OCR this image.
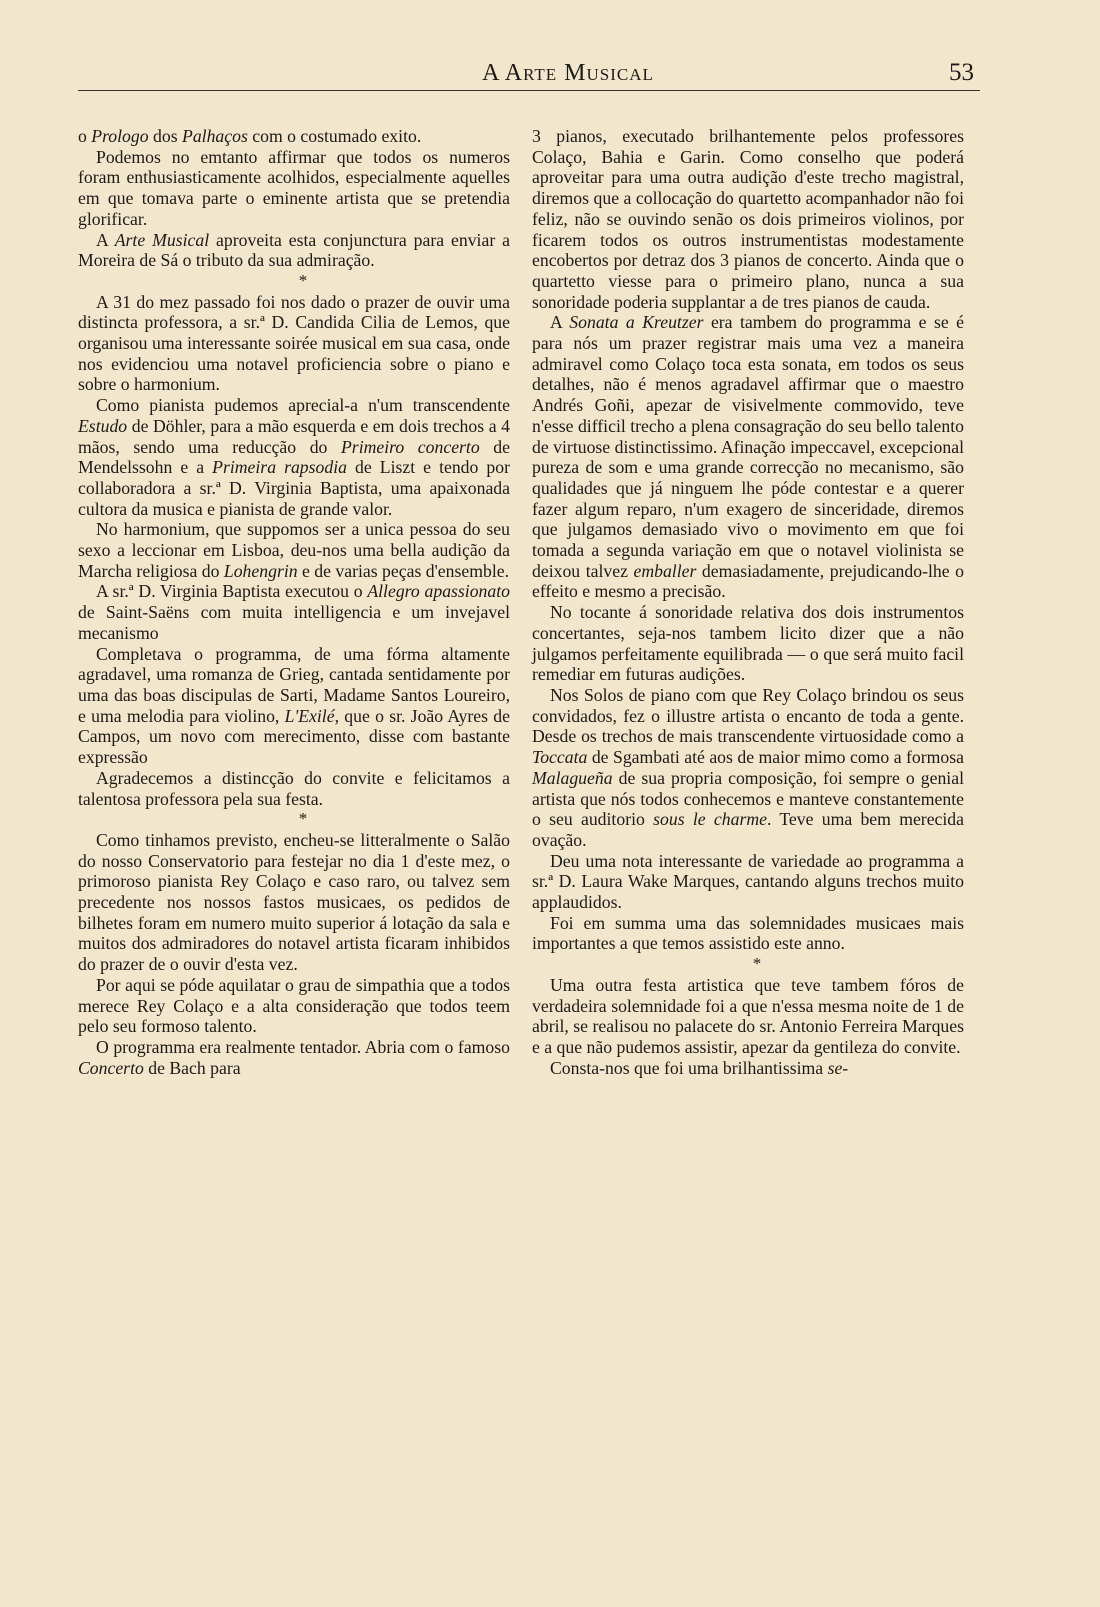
A Arte Musical	53

o Prologo dos Palhaços com o costumado exito.

Podemos no emtanto affirmar que todos os numeros foram enthusiasticamente acolhidos, especialmente aquelles em que tomava parte o eminente artista que se pretendia glorificar.

A Arte Musical aproveita esta conjunctura para enviar a Moreira de Sá o tributo da sua admiração.

*

A 31 do mez passado foi nos dado o prazer de ouvir uma distincta professora, a sr.ª D. Candida Cilia de Lemos, que organisou uma interessante soirée musical em sua casa, onde nos evidenciou uma notavel proficiencia sobre o piano e sobre o harmonium.

Como pianista pudemos aprecial-a n'um transcendente Estudo de Döhler, para a mão esquerda e em dois trechos a 4 mãos, sendo uma reducção do Primeiro concerto de Mendelssohn e a Primeira rapsodia de Liszt e tendo por collaboradora a sr.ª D. Virginia Baptista, uma apaixonada cultora da musica e pianista de grande valor.

No harmonium, que suppomos ser a unica pessoa do seu sexo a leccionar em Lisboa, deu-nos uma bella audição da Marcha religiosa do Lohengrin e de varias peças d'ensemble.

A sr.ª D. Virginia Baptista executou o Allegro apassionato de Saint-Saëns com muita intelligencia e um invejavel mecanismo

Completava o programma, de uma fórma altamente agradavel, uma romanza de Grieg, cantada sentidamente por uma das boas discipulas de Sarti, Madame Santos Loureiro, e uma melodia para violino, L'Exilé, que o sr. João Ayres de Campos, um novo com merecimento, disse com bastante expressão

Agradecemos a distincção do convite e felicitamos a talentosa professora pela sua festa.

*

Como tinhamos previsto, encheu-se litteralmente o Salão do nosso Conservatorio para festejar no dia 1 d'este mez, o primoroso pianista Rey Colaço e caso raro, ou talvez sem precedente nos nossos fastos musicaes, os pedidos de bilhetes foram em numero muito superior á lotação da sala e muitos dos admiradores do notavel artista ficaram inhibidos do prazer de o ouvir d'esta vez.

Por aqui se póde aquilatar o grau de simpathia que a todos merece Rey Colaço e a alta consideração que todos teem pelo seu formoso talento.

O programma era realmente tentador. Abria com o famoso Concerto de Bach para

3 pianos, executado brilhantemente pelos professores Colaço, Bahia e Garin. Como conselho que poderá aproveitar para uma outra audição d'este trecho magistral, diremos que a collocação do quartetto acompanhador não foi feliz, não se ouvindo senão os dois primeiros violinos, por ficarem todos os outros instrumentistas modestamente encobertos por detraz dos 3 pianos de concerto. Ainda que o quartetto viesse para o primeiro plano, nunca a sua sonoridade poderia supplantar a de tres pianos de cauda.

A Sonata a Kreutzer era tambem do programma e se é para nós um prazer registrar mais uma vez a maneira admiravel como Colaço toca esta sonata, em todos os seus detalhes, não é menos agradavel affirmar que o maestro Andrés Goñi, apezar de visivelmente commovido, teve n'esse difficil trecho a plena consagração do seu bello talento de virtuose distinctissimo. Afinação impeccavel, excepcional pureza de som e uma grande correcção no mecanismo, são qualidades que já ninguem lhe póde contestar e a querer fazer algum reparo, n'um exagero de sinceridade, diremos que julgamos demasiado vivo o movimento em que foi tomada a segunda variação em que o notavel violinista se deixou talvez emballer demasiadamente, prejudicando-lhe o effeito e mesmo a precisão.

No tocante á sonoridade relativa dos dois instrumentos concertantes, seja-nos tambem licito dizer que a não julgamos perfeitamente equilibrada — o que será muito facil remediar em futuras audições.

Nos Solos de piano com que Rey Colaço brindou os seus convidados, fez o illustre artista o encanto de toda a gente. Desde os trechos de mais transcendente virtuosidade como a Toccata de Sgambati até aos de maior mimo como a formosa Malagueña de sua propria composição, foi sempre o genial artista que nós todos conhecemos e manteve constantemente o seu auditorio sous le charme. Teve uma bem merecida ovação.

Deu uma nota interessante de variedade ao programma a sr.ª D. Laura Wake Marques, cantando alguns trechos muito applaudidos.

Foi em summa uma das solemnidades musicaes mais importantes a que temos assistido este anno.

*

Uma outra festa artistica que teve tambem fóros de verdadeira solemnidade foi a que n'essa mesma noite de 1 de abril, se realisou no palacete do sr. Antonio Ferreira Marques e a que não pudemos assistir, apezar da gentileza do convite.

Consta-nos que foi uma brilhantissima se-
